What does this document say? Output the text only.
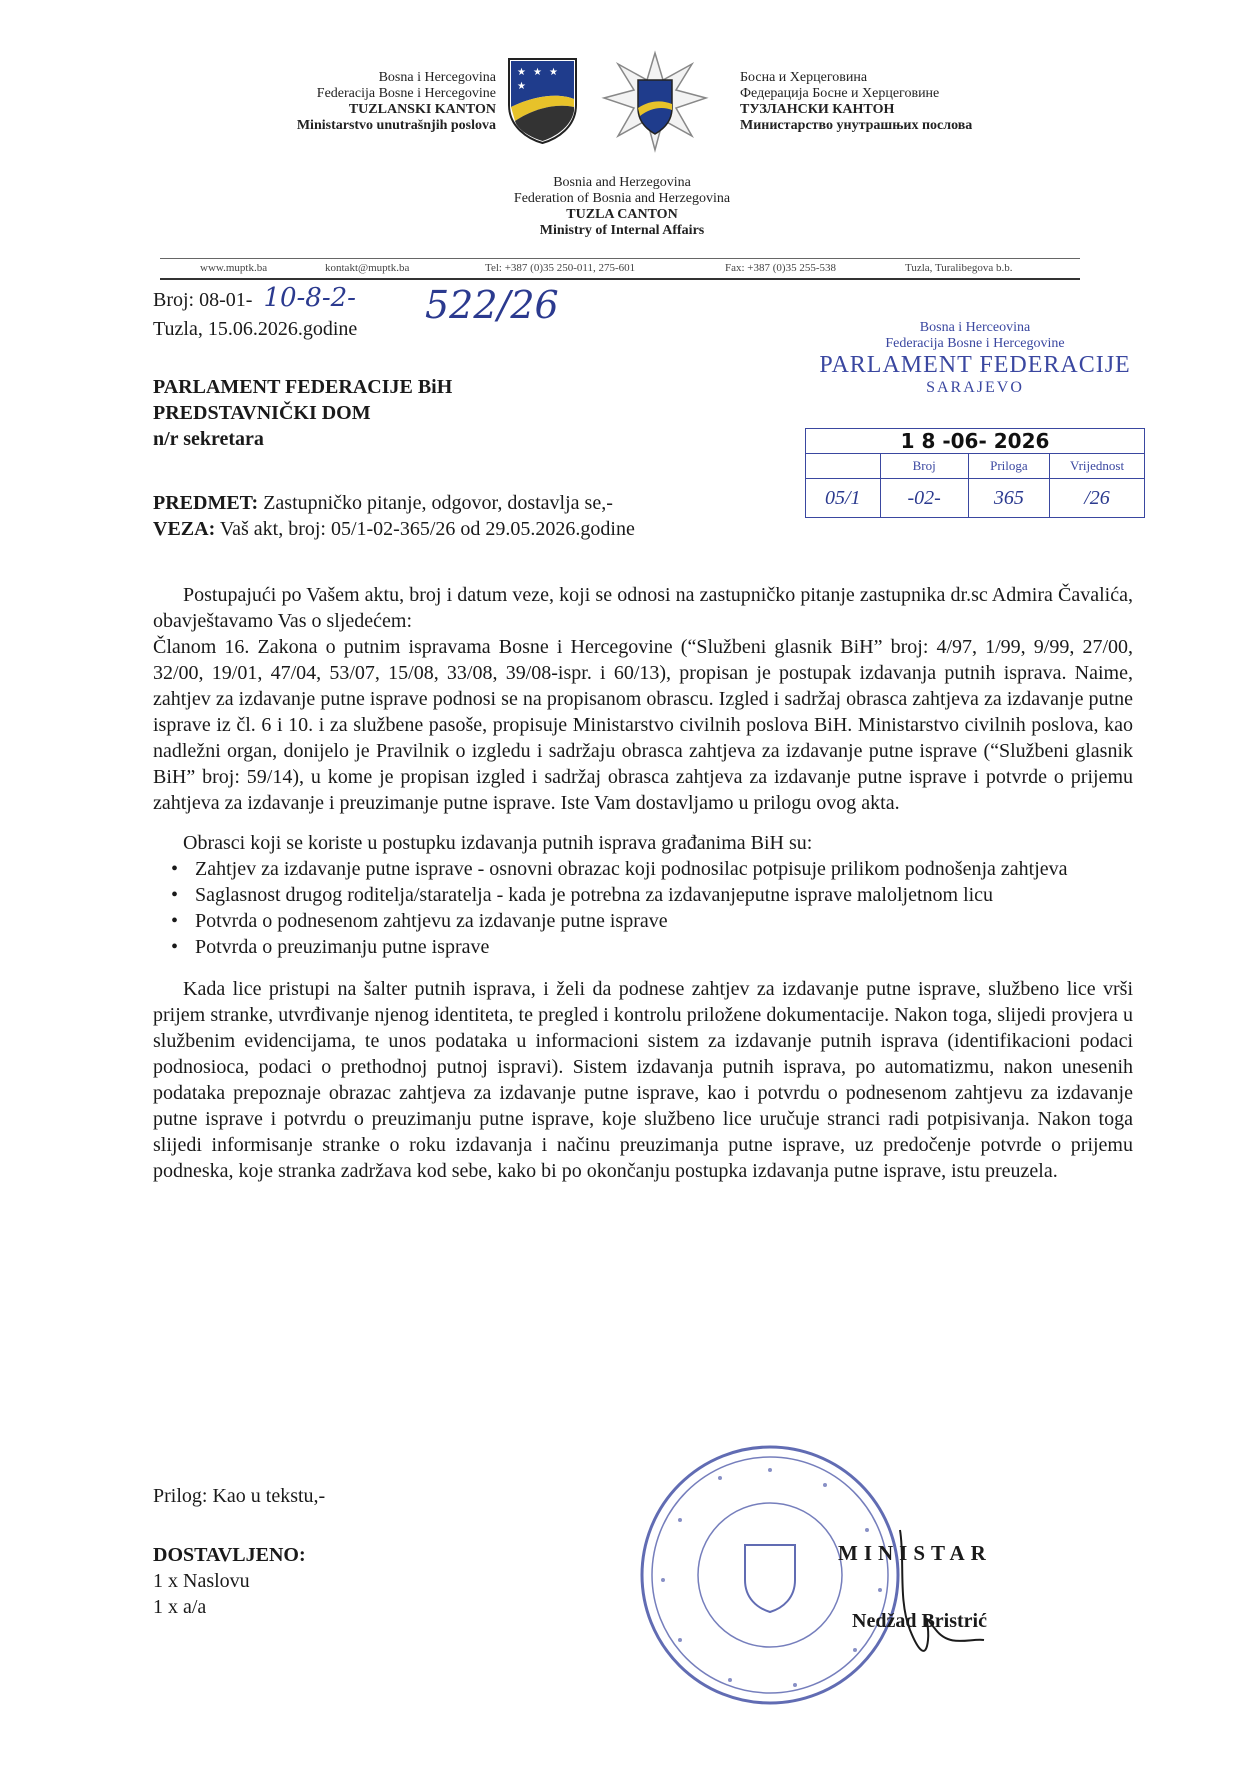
Bosna i Hercegovina
Federacija Bosne i Hercegovine
TUZLANSKI KANTON
Ministarstvo unutrašnjih poslova
★ ★ ★
★
Босна и Херцеговина
Федерација Босне и Херцеговине
ТУЗЛАНСКИ КАНТОН
Министарство унутрашњих послова
Bosnia and Herzegovina
Federation of Bosnia and Herzegovina
TUZLA CANTON
Ministry of Internal Affairs
www.muptk.ba	kontakt@muptk.ba	Tel: +387 (0)35 250-011, 275-601	Fax: +387 (0)35 255-538	Tuzla, Turalibegova b.b.
Broj: 08-01- 10-8-2- 522/26
Tuzla, 15.06.2026.godine
PARLAMENT FEDERACIJE BiH
PREDSTAVNIČKI DOM
n/r sekretara
Bosna i Herceovina
Federacija Bosne i Hercegovine
PARLAMENT FEDERACIJE
SARAJEVO
1 8 -06- 2026			
	Broj	Priloga	Vrijednost
05/1	-02-	365	/26
PREDMET: Zastupničko pitanje, odgovor, dostavlja se,-
VEZA: Vaš akt, broj: 05/1-02-365/26 od 29.05.2026.godine
Postupajući po Vašem aktu, broj i datum veze, koji se odnosi na zastupničko pitanje zastupnika dr.sc Admira Čavalića, obavještavamo Vas o sljedećem:
Članom 16. Zakona o putnim ispravama Bosne i Hercegovine (“Službeni glasnik BiH” broj: 4/97, 1/99, 9/99, 27/00, 32/00, 19/01, 47/04, 53/07, 15/08, 33/08, 39/08-ispr. i 60/13), propisan je postupak izdavanja putnih isprava. Naime, zahtjev za izdavanje putne isprave podnosi se na propisanom obrascu. Izgled i sadržaj obrasca zahtjeva za izdavanje putne isprave iz čl. 6 i 10. i za službene pasoše, propisuje Ministarstvo civilnih poslova BiH. Ministarstvo civilnih poslova, kao nadležni organ, donijelo je Pravilnik o izgledu i sadržaju obrasca zahtjeva za izdavanje putne isprave (“Službeni glasnik BiH” broj: 59/14), u kome je propisan izgled i sadržaj obrasca zahtjeva za izdavanje putne isprave i potvrde o prijemu zahtjeva za izdavanje i preuzimanje putne isprave. Iste Vam dostavljamo u prilogu ovog akta.
Obrasci koji se koriste u postupku izdavanja putnih isprava građanima BiH su:
• Zahtjev za izdavanje putne isprave - osnovni obrazac koji podnosilac potpisuje prilikom podnošenja zahtjeva
• Saglasnost drugog roditelja/staratelja - kada je potrebna za izdavanjeputne isprave maloljetnom licu
• Potvrda o podnesenom zahtjevu za izdavanje putne isprave
• Potvrda o preuzimanju putne isprave
Kada lice pristupi na šalter putnih isprava, i želi da podnese zahtjev za izdavanje putne isprave, službeno lice vrši prijem stranke, utvrđivanje njenog identiteta, te pregled i kontrolu priložene dokumentacije. Nakon toga, slijedi provjera u službenim evidencijama, te unos podataka u informacioni sistem za izdavanje putnih isprava (identifikacioni podaci podnosioca, podaci o prethodnoj putnoj ispravi). Sistem izdavanja putnih isprava, po automatizmu, nakon unesenih podataka prepoznaje obrazac zahtjeva za izdavanje putne isprave, kao i potvrdu o podnesenom zahtjevu za izdavanje putne isprave i potvrdu o preuzimanju putne isprave, koje službeno lice uručuje stranci radi potpisivanja. Nakon toga slijedi informisanje stranke o roku izdavanja i načinu preuzimanja putne isprave, uz predočenje potvrde o prijemu podneska, koje stranka zadržava kod sebe, kako bi po okončanju postupka izdavanja putne isprave, istu preuzela.
Prilog: Kao u tekstu,-
DOSTAVLJENO:
1 x Naslovu
1 x a/a
MINISTAR
Nedžad Bristrić
